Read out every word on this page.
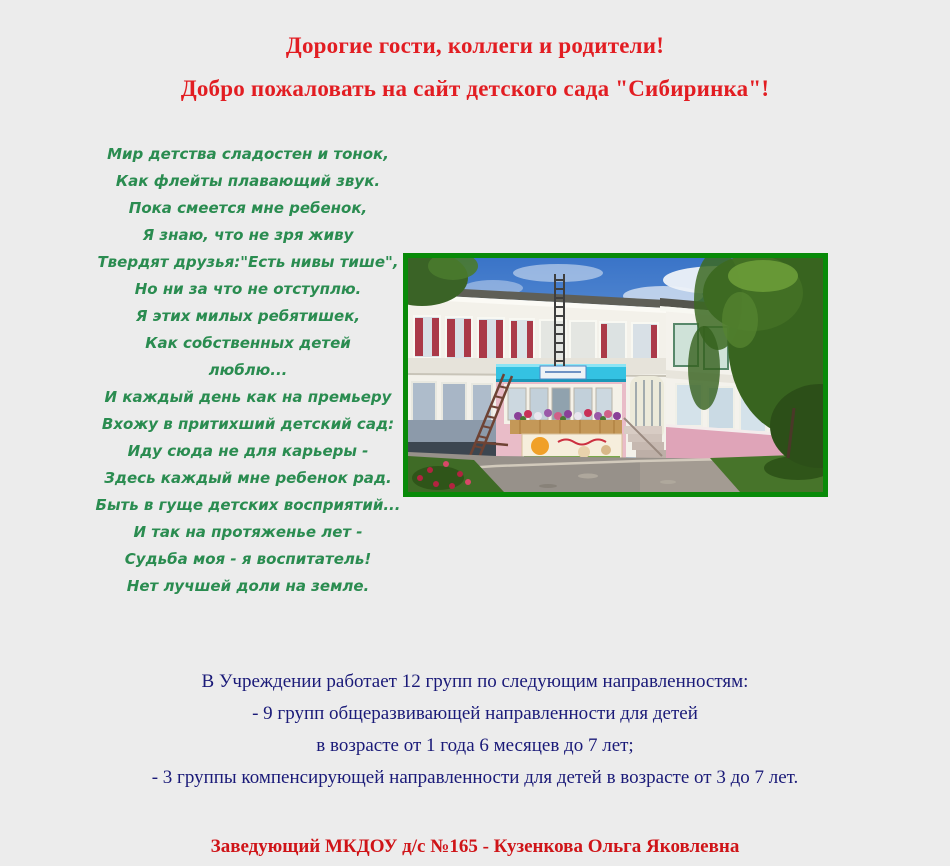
Дорогие гости, коллеги и родители!
Добро пожаловать на сайт детского сада "Сибиринка"!
Мир детства сладостен и тонок,
Как флейты плавающий звук.
Пока смеется мне ребенок,
Я знаю, что не зря живу
Твердят друзья:"Есть нивы тише",
Но ни за что не отступлю.
Я этих милых ребятишек,
Как собственных детей
люблю...
И каждый день как на премьеру
Вхожу в притихший детский сад:
Иду сюда не для карьеры -
Здесь каждый мне ребенок рад.
Быть в гуще детских восприятий...
И так на протяженье лет -
Судьба моя - я воспитатель!
Нет лучшей доли на земле.
В Учреждении работает 12 групп по следующим направленностям:
- 9 групп общеразвивающей направленности для детей
в возрасте от 1 года 6 месяцев до 7 лет;
- 3 группы компенсирующей направленности для детей в возрасте от 3 до 7 лет.
Заведующий МКДОУ д/с №165 - Кузенкова Ольга Яковлевна
